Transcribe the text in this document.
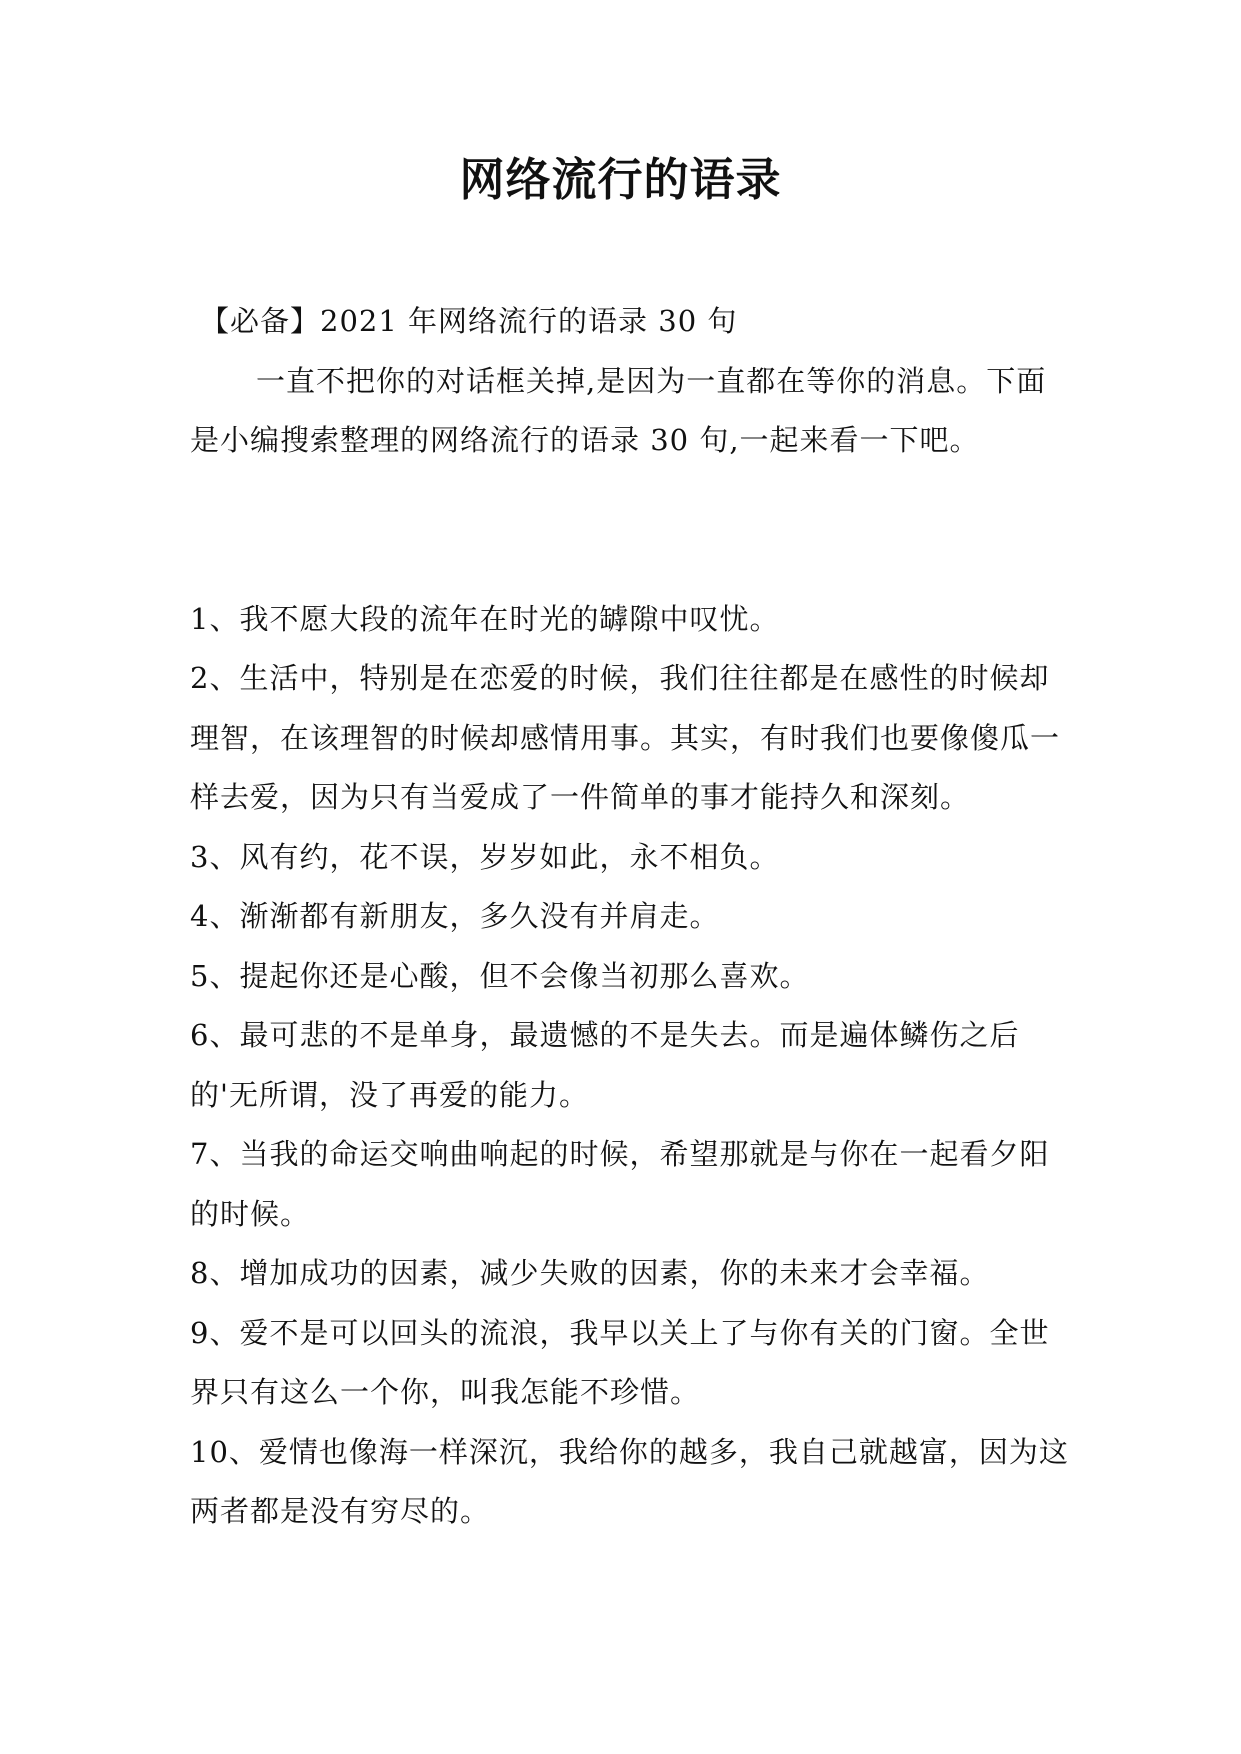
网络流行的语录

【必备】2021 年网络流行的语录 30 句

一直不把你的对话框关掉,是因为一直都在等你的消息。下面是小编搜索整理的网络流行的语录 30 句,一起来看一下吧。

1、我不愿大段的流年在时光的罅隙中叹忧。

2、生活中，特别是在恋爱的时候，我们往往都是在感性的时候却理智，在该理智的时候却感情用事。其实，有时我们也要像傻瓜一样去爱，因为只有当爱成了一件简单的事才能持久和深刻。

3、风有约，花不误，岁岁如此，永不相负。

4、渐渐都有新朋友，多久没有并肩走。

5、提起你还是心酸，但不会像当初那么喜欢。

6、最可悲的不是单身，最遗憾的不是失去。而是遍体鳞伤之后的'无所谓，没了再爱的能力。

7、当我的命运交响曲响起的时候，希望那就是与你在一起看夕阳的时候。

8、增加成功的因素，减少失败的因素，你的未来才会幸福。

9、爱不是可以回头的流浪，我早以关上了与你有关的门窗。全世界只有这么一个你，叫我怎能不珍惜。

10、爱情也像海一样深沉，我给你的越多，我自己就越富，因为这两者都是没有穷尽的。
